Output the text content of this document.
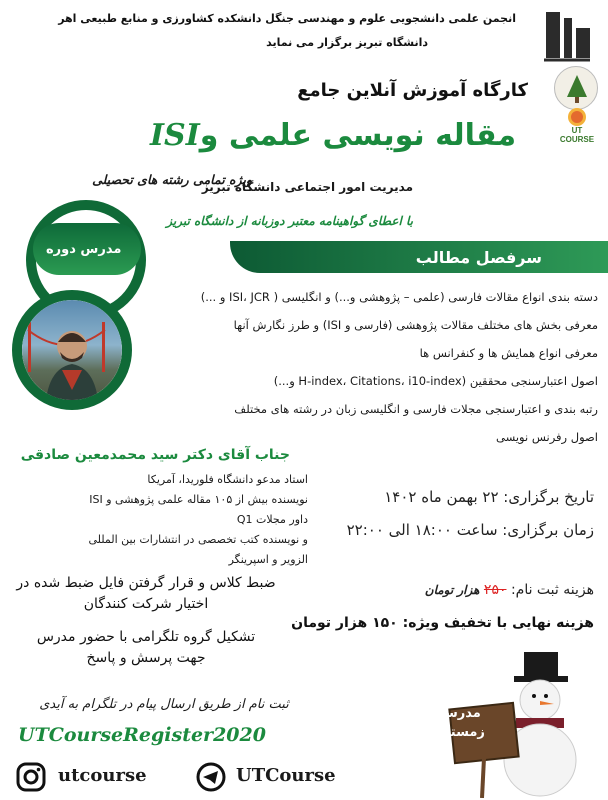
انجمن علمی دانشجویی علوم و مهندسی جنگل دانشکده کشاورزی و منابع طبیعی اهر
دانشگاه تبریز برگزار می نماید
UT COURSE
کارگاه آموزش آنلاین جامع
ISIمقاله نویسی علمی و
ویژه تمامی رشته های تحصیلی
مدیریت امور اجتماعی دانشگاه تبریز
با اعطای گواهینامه معتبر دوزبانه از دانشگاه تبریز
سرفصل مطالب
دسته بندی انواع مقالات فارسی (علمی – پژوهشی و...) و انگلیسی ( ISI، JCR و ...)
معرفی بخش های مختلف مقالات پژوهشی (فارسی و ISI) و طرز نگارش آنها
معرفی انواع همایش ها و کنفرانس ها
اصول اعتبارسنجی محققین (H-index، Citations، i10-index و...)
رتبه بندی و اعتبارسنجی مجلات فارسی و انگلیسی زبان در رشته های مختلف
اصول رفرنس نویسی
تاریخ برگزاری: ۲۲ بهمن ماه ۱۴۰۲
زمان برگزاری: ساعت ۱۸:۰۰ الی ۲۲:۰۰
مدرس دوره
جناب آقای دکتر سید محمدمعین صادقی
استاد مدعو دانشگاه فلوریدا، آمریکا
نویسنده بیش از ۱۰۵ مقاله علمی پژوهشی و ISI
داور مجلات Q1
و نویسنده کتب تخصصی در انتشارات بین المللی
الزویر و اسپرینگر
ضبط کلاس و قرار گرفتن فایل ضبط شده در
اختیار شرکت کنندگان
تشکیل گروه تلگرامی با حضور مدرس
جهت پرسش و پاسخ
هزینه ثبت نام: ۲۵۰ هزار تومان
هزینه نهایی با تخفیف ویژه: ۱۵۰ هزار تومان
مدرسه
زمستانه
ثبت نام از طریق ارسال پیام در تلگرام به آیدی
UTCourseRegister2020
utcourse	UTCourse
